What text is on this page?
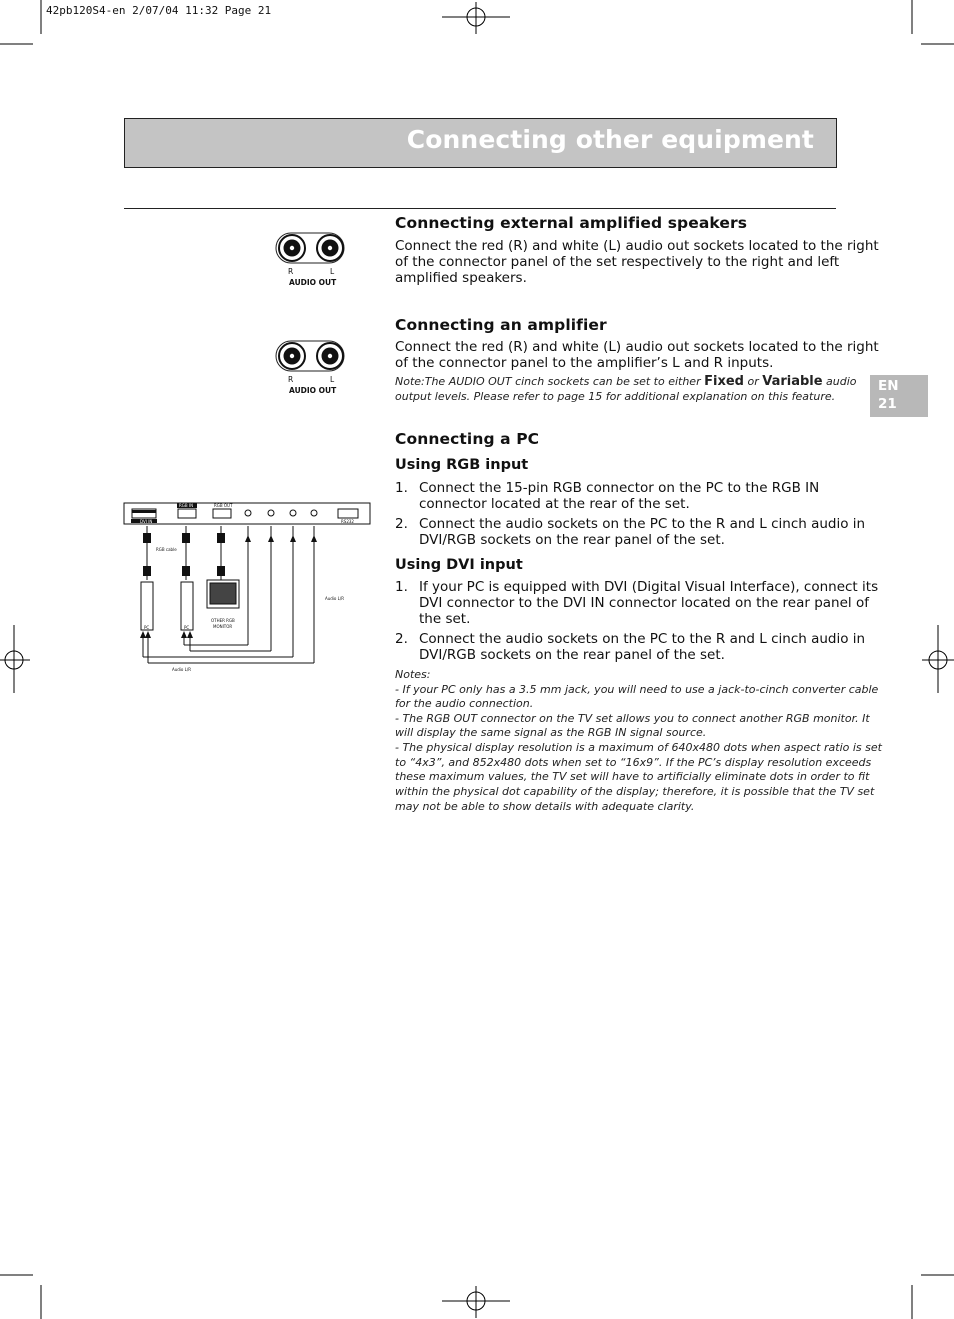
42pb120S4-en 2/07/04 11:32 Page 21
Connecting other equipment
EN
21
R	L
AUDIO OUT
R	L
AUDIO OUT
DVI IN
RGB IN	RGB OUT
RS232
RGB cable
Audio L/R
Audio L/R
PC	PC
OTHER RGB
MONITOR
Connecting external amplified speakers
Connect the red (R) and white (L) audio out sockets located to the right
of the connector panel of the set respectively to the right and left
amplified speakers.
Connecting an amplifier
Connect the red (R) and white (L) audio out sockets located to the right
of the connector panel to the amplifier’s L and R inputs.
Note:The AUDIO OUT cinch sockets can be set to either Fixed or Variable audio
output levels. Please refer to page 15 for additional explanation on this feature.
Connecting a PC
Using RGB input
1. Connect the 15-pin RGB connector on the PC to the RGB IN
connector located at the rear of the set.
2. Connect the audio sockets on the PC to the R and L cinch audio in
DVI/RGB sockets on the rear panel of the set.
Using DVI input
1. If your PC is equipped with DVI (Digital Visual Interface), connect its
DVI connector to the DVI IN connector located on the rear panel of
the set.
2. Connect the audio sockets on the PC to the R and L cinch audio in
DVI/RGB sockets on the rear panel of the set.
Notes:
- If your PC only has a 3.5 mm jack, you will need to use a jack-to-cinch converter cable
for the audio connection.
- The RGB OUT connector on the TV set allows you to connect another RGB monitor. It
will display the same signal as the RGB IN signal source.
- The physical display resolution is a maximum of 640x480 dots when aspect ratio is set
to “4x3”, and 852x480 dots when set to “16x9”. If the PC’s display resolution exceeds
these maximum values, the TV set will have to artificially eliminate dots in order to fit
within the physical dot capability of the display; therefore, it is possible that the TV set
may not be able to show details with adequate clarity.
